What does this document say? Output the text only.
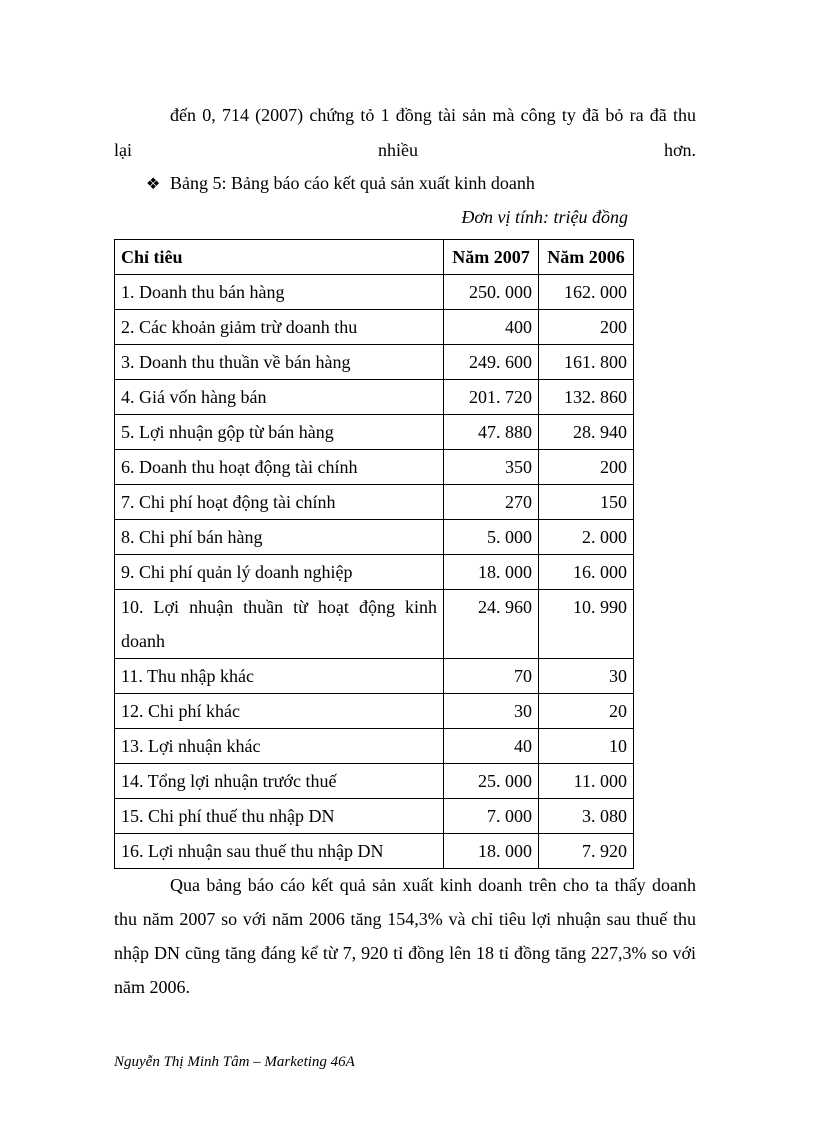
đến 0, 714 (2007) chứng tỏ 1 đồng tài sản mà công ty đã bỏ ra đã thu

lại	nhiều	hơn.
❖ Bảng 5: Bảng báo cáo kết quả sản xuất kinh doanh
Đơn vị tính: triệu đồng
Chỉ tiêu	Năm 2007	Năm 2006
1. Doanh thu bán hàng	250. 000	162. 000
2. Các khoản giảm trừ doanh thu	400	200
3. Doanh thu thuần về bán hàng	249. 600	161. 800
4. Giá vốn hàng bán	201. 720	132. 860
5. Lợi nhuận gộp từ bán hàng	47. 880	28. 940
6. Doanh thu hoạt động tài chính	350	200
7. Chi phí hoạt động tài chính	270	150
8. Chi phí bán hàng	5. 000	2. 000
9. Chi phí quản lý doanh nghiệp	18. 000	16. 000
10. Lợi nhuận thuần từ hoạt động kinh doanh	24. 960	10. 990
11. Thu nhập khác	70	30
12. Chi phí khác	30	20
13. Lợi nhuận khác	40	10
14. Tổng lợi nhuận trước thuế	25. 000	11. 000
15. Chi phí thuế thu nhập DN	7. 000	3. 080
16. Lợi nhuận sau thuế thu nhập DN	18. 000	7. 920

Qua bảng báo cáo kết quả sản xuất kinh doanh trên cho ta thấy doanh thu năm 2007 so với năm 2006 tăng 154,3% và chỉ tiêu lợi nhuận sau thuế thu nhập DN cũng tăng đáng kể từ 7, 920 tỉ đồng lên 18 tỉ đồng tăng 227,3% so với năm 2006.

Nguyễn Thị Minh Tâm – Marketing 46A
